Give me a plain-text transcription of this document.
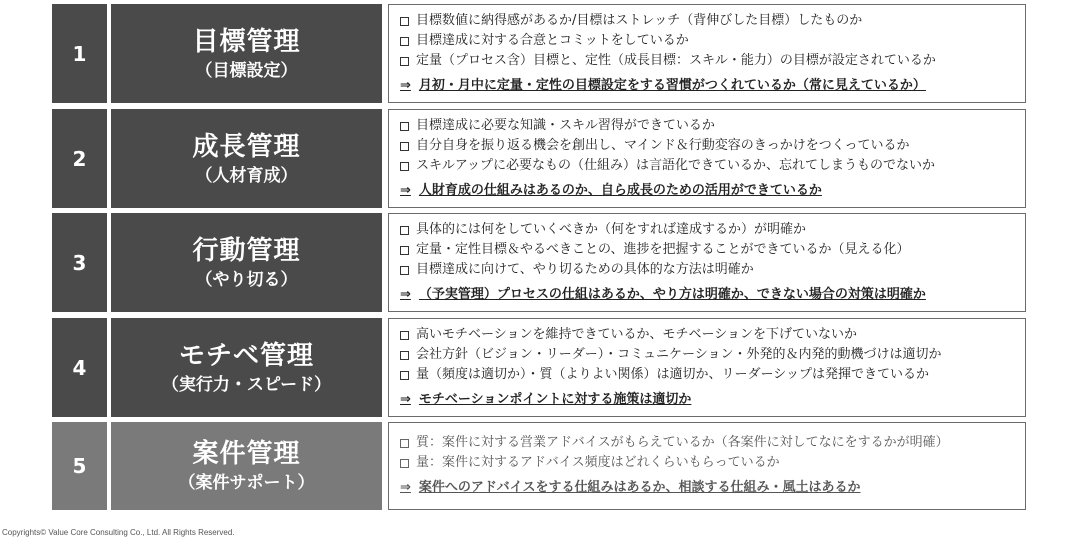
1	目標管理
（目標設定）
目標数値に納得感があるか/目標はストレッチ（背伸びした目標）したものか
目標達成に対する合意とコミットをしているか
定量（プロセス含）目標と、定性（成長目標：スキル・能力）の目標が設定されているか
⇒ 月初・月中に定量・定性の目標設定をする習慣がつくれているか（常に見えているか）
2	成長管理
（人材育成）
目標達成に必要な知識・スキル習得ができているか
自分自身を振り返る機会を創出し、マインド＆行動変容のきっかけをつくっているか
スキルアップに必要なもの（仕組み）は言語化できているか、忘れてしまうものでないか
⇒ 人財育成の仕組みはあるのか、自ら成長のための活用ができているか
3	行動管理
（やり切る）
具体的には何をしていくべきか（何をすれば達成するか）が明確か
定量・定性目標＆やるべきことの、進捗を把握することができているか（見える化）
目標達成に向けて、やり切るための具体的な方法は明確か
⇒ （予実管理）プロセスの仕組はあるか、やり方は明確か、できない場合の対策は明確か
4	モチベ管理
（実行力・スピード）
高いモチベーションを維持できているか、モチベーションを下げていないか
会社方針（ビジョン・リーダー）・コミュニケーション・外発的＆内発的動機づけは適切か
量（頻度は適切か）・質（よりよい関係）は適切か、リーダーシップは発揮できているか
⇒ モチベーションポイントに対する施策は適切か
5	案件管理
（案件サポート）
質：案件に対する営業アドバイスがもらえているか（各案件に対してなにをするかが明確）
量：案件に対するアドバイス頻度はどれくらいもらっているか
⇒ 案件へのアドバイスをする仕組みはあるか、相談する仕組み・風土はあるか
Copyrights© Value Core Consulting Co., Ltd. All Rights Reserved.
